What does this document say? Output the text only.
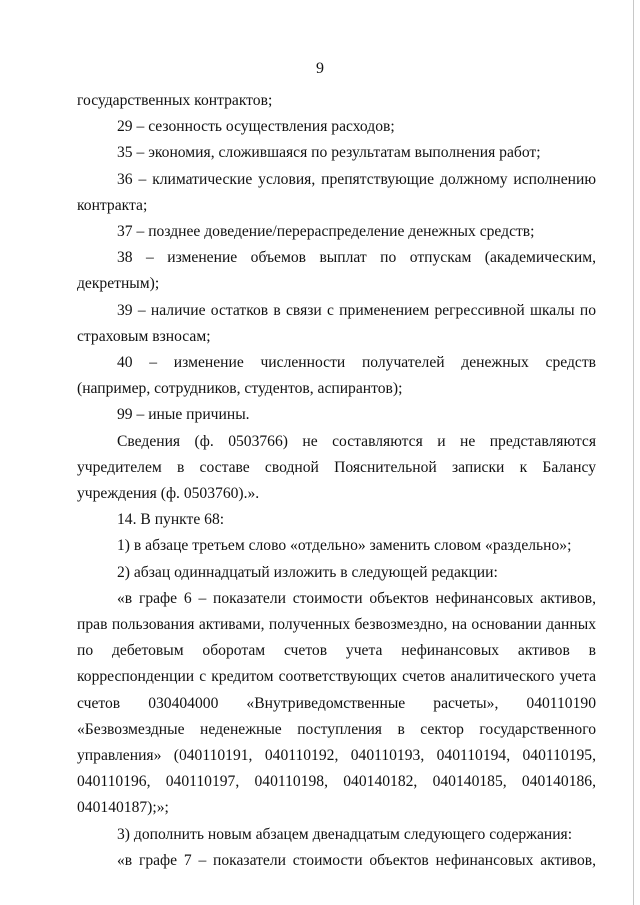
9

государственных контрактов;

29 – сезонность осуществления расходов;

35 – экономия, сложившаяся по результатам выполнения работ;

36 – климатические условия, препятствующие должному исполнению контракта;

37 – позднее доведение/перераспределение денежных средств;

38 – изменение объемов выплат по отпускам (академическим, декретным);

39 – наличие остатков в связи с применением регрессивной шкалы по страховым взносам;

40 – изменение численности получателей денежных средств (например, сотрудников, студентов, аспирантов);

99 – иные причины.

Сведения (ф. 0503766) не составляются и не представляются учредителем в составе сводной Пояснительной записки к Балансу учреждения (ф. 0503760).».

14. В пункте 68:

1) в абзаце третьем слово «отдельно» заменить словом «раздельно»;

2) абзац одиннадцатый изложить в следующей редакции:

«в графе 6 – показатели стоимости объектов нефинансовых активов, прав пользования активами, полученных безвозмездно, на основании данных по дебетовым оборотам счетов учета нефинансовых активов в корреспонденции с кредитом соответствующих счетов аналитического учета счетов 030404000 «Внутриведомственные расчеты», 040110190 «Безвозмездные неденежные поступления в сектор государственного управления» (040110191, 040110192, 040110193, 040110194, 040110195, 040110196, 040110197, 040110198, 040140182, 040140185, 040140186, 040140187);»;

3) дополнить новым абзацем двенадцатым следующего содержания:

«в графе 7 – показатели стоимости объектов нефинансовых активов,
